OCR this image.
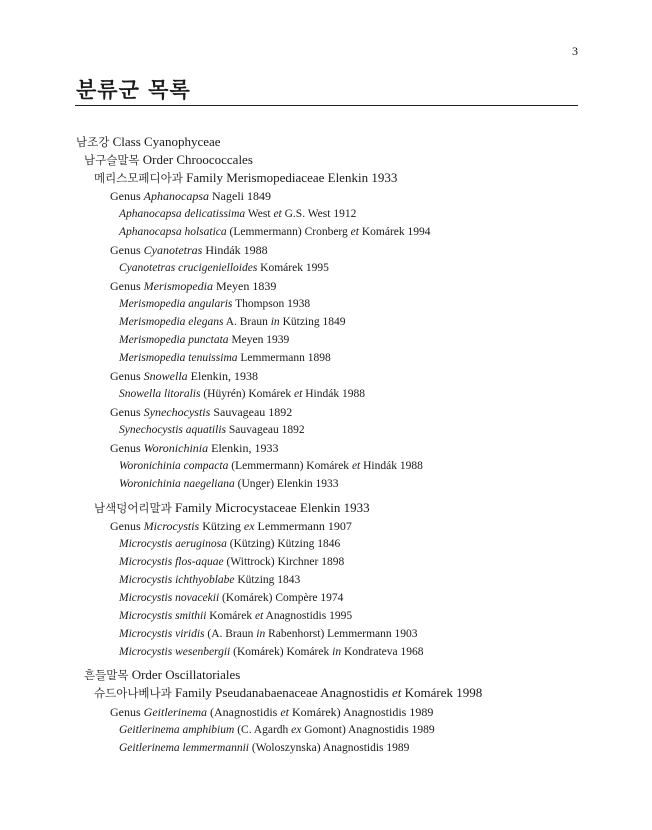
3
분류군 목록
남조강 Class Cyanophyceae
남구슬말목 Order Chroococcales
메리스모페디아과 Family Merismopediaceae Elenkin 1933
Genus Aphanocapsa Nageli 1849
Aphanocapsa delicatissima West et G.S. West 1912
Aphanocapsa holsatica (Lemmermann) Cronberg et Komárek 1994
Genus Cyanotetras Hindák 1988
Cyanotetras crucigenielloides Komárek 1995
Genus Merismopedia Meyen 1839
Merismopedia angularis Thompson 1938
Merismopedia elegans A. Braun in Kützing 1849
Merismopedia punctata Meyen 1939
Merismopedia tenuissima Lemmermann 1898
Genus Snowella Elenkin, 1938
Snowella litoralis (Hüyrén) Komárek et Hindák 1988
Genus Synechocystis Sauvageau 1892
Synechocystis aquatilis Sauvageau 1892
Genus Woronichinia Elenkin, 1933
Woronichinia compacta (Lemmermann) Komárek et Hindák 1988
Woronichinia naegeliana (Unger) Elenkin 1933
남색덩어리말과 Family Microcystaceae Elenkin 1933
Genus Microcystis Kützing ex Lemmermann 1907
Microcystis aeruginosa (Kützing) Kützing 1846
Microcystis flos-aquae (Wittrock) Kirchner 1898
Microcystis ichthyoblabe Kützing 1843
Microcystis novacekii (Komárek) Compère 1974
Microcystis smithii Komárek et Anagnostidis 1995
Microcystis viridis (A. Braun in Rabenhorst) Lemmermann 1903
Microcystis wesenbergii (Komárek) Komárek in Kondrateva 1968
흔들말목 Order Oscillatoriales
슈드아나베나과 Family Pseudanabaenaceae Anagnostidis et Komárek 1998
Genus Geitlerinema (Anagnostidis et Komárek) Anagnostidis 1989
Geitlerinema amphibium (C. Agardh ex Gomont) Anagnostidis 1989
Geitlerinema lemmermannii (Woloszynska) Anagnostidis 1989
